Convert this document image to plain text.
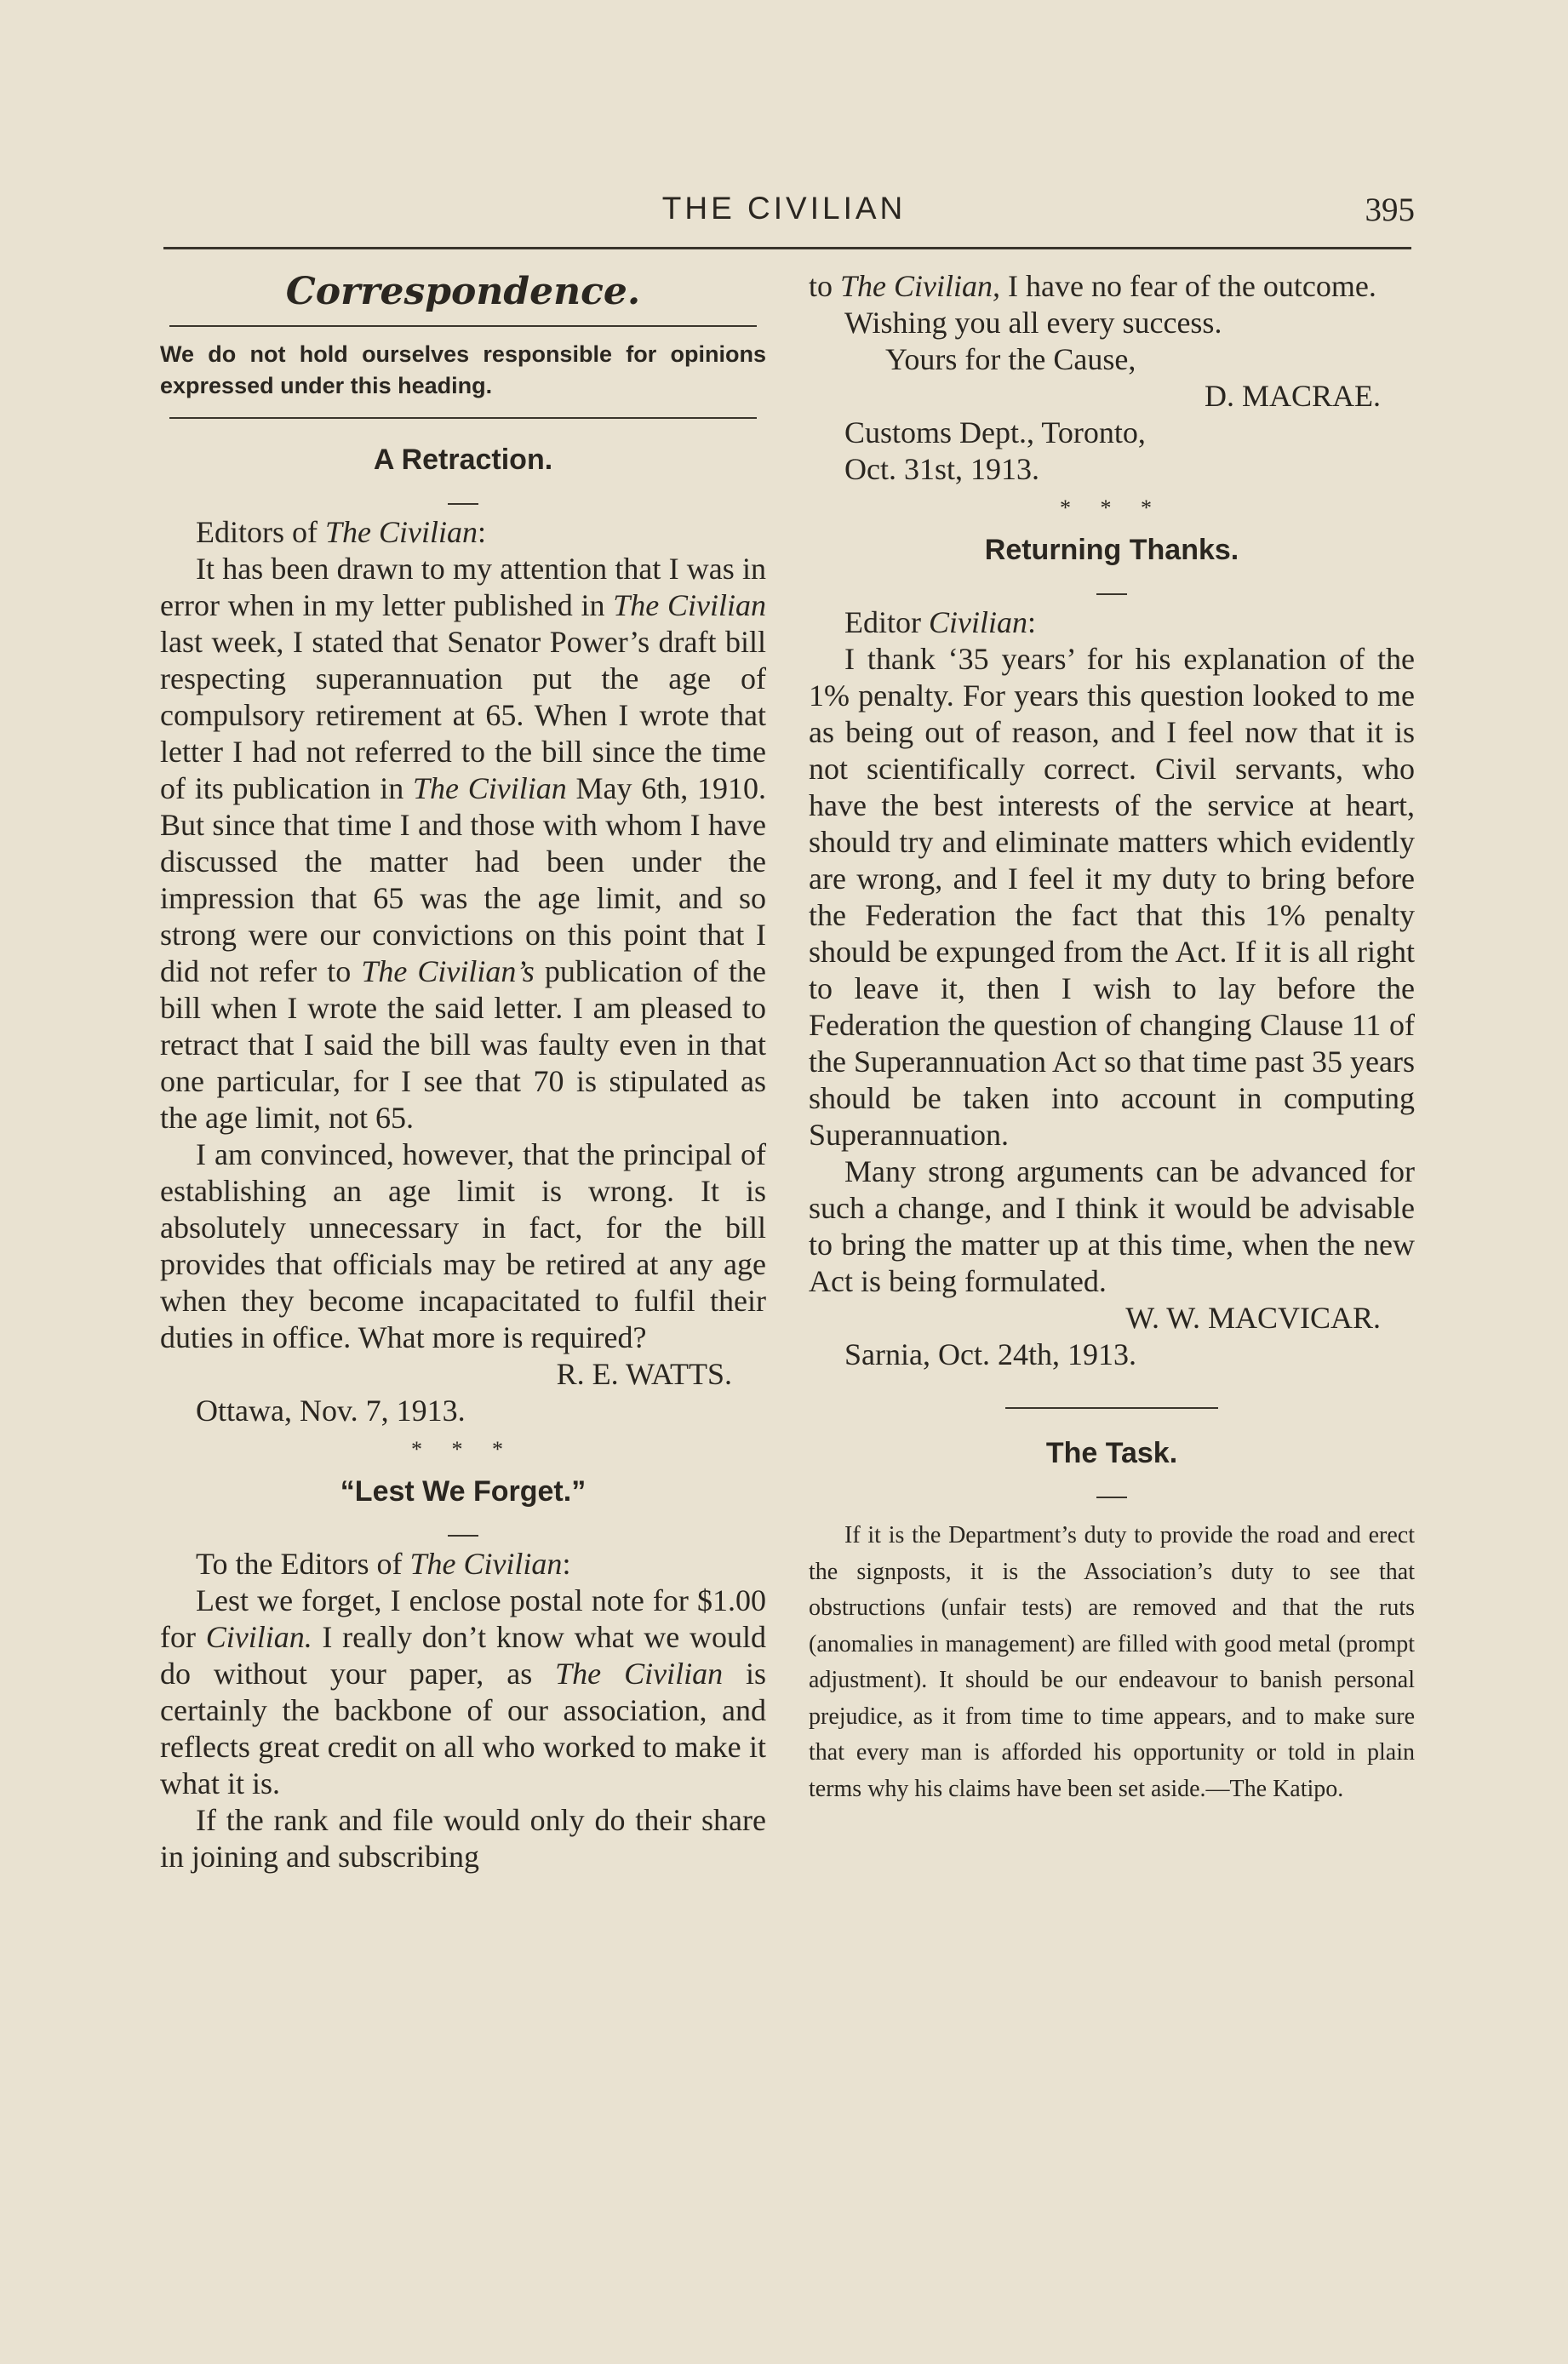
THE CIVILIAN	395
Correspondence.
We do not hold ourselves responsible for opinions expressed under this heading.
A Retraction.

Editors of The Civilian:

It has been drawn to my attention that I was in error when in my letter published in The Civilian last week, I stated that Senator Power’s draft bill respecting superannuation put the age of compulsory retirement at 65. When I wrote that letter I had not referred to the bill since the time of its publication in The Civilian May 6th, 1910. But since that time I and those with whom I have discussed the matter had been under the impression that 65 was the age limit, and so strong were our convictions on this point that I did not refer to The Civilian’s publication of the bill when I wrote the said letter. I am pleased to retract that I said the bill was faulty even in that one particular, for I see that 70 is stipulated as the age limit, not 65.

I am convinced, however, that the principal of establishing an age limit is wrong. It is absolutely unnecessary in fact, for the bill provides that officials may be retired at any age when they become incapacitated to fulfil their duties in office. What more is required?

R. E. WATTS.

Ottawa, Nov. 7, 1913.

* * *
“Lest We Forget.”

To the Editors of The Civilian:

Lest we forget, I enclose postal note for $1.00 for Civilian. I really don’t know what we would do without your paper, as The Civilian is certainly the backbone of our association, and reflects great credit on all who worked to make it what it is.

If the rank and file would only do their share in joining and subscribing

to The Civilian, I have no fear of the outcome.

Wishing you all every success.

Yours for the Cause,

D. MACRAE.

Customs Dept., Toronto,

Oct. 31st, 1913.

* * *
Returning Thanks.

Editor Civilian:

I thank ‘35 years’ for his explanation of the 1% penalty. For years this question looked to me as being out of reason, and I feel now that it is not scientifically correct. Civil servants, who have the best interests of the service at heart, should try and eliminate matters which evidently are wrong, and I feel it my duty to bring before the Federation the fact that this 1% penalty should be expunged from the Act. If it is all right to leave it, then I wish to lay before the Federation the question of changing Clause 11 of the Superannuation Act so that time past 35 years should be taken into account in computing Superannuation.

Many strong arguments can be advanced for such a change, and I think it would be advisable to bring the matter up at this time, when the new Act is being formulated.

W. W. MACVICAR.

Sarnia, Oct. 24th, 1913.

The Task.

If it is the Department’s duty to provide the road and erect the signposts, it is the Association’s duty to see that obstructions (unfair tests) are removed and that the ruts (anomalies in management) are filled with good metal (prompt adjustment). It should be our endeavour to banish personal prejudice, as it from time to time appears, and to make sure that every man is afforded his opportunity or told in plain terms why his claims have been set aside.—The Katipo.
